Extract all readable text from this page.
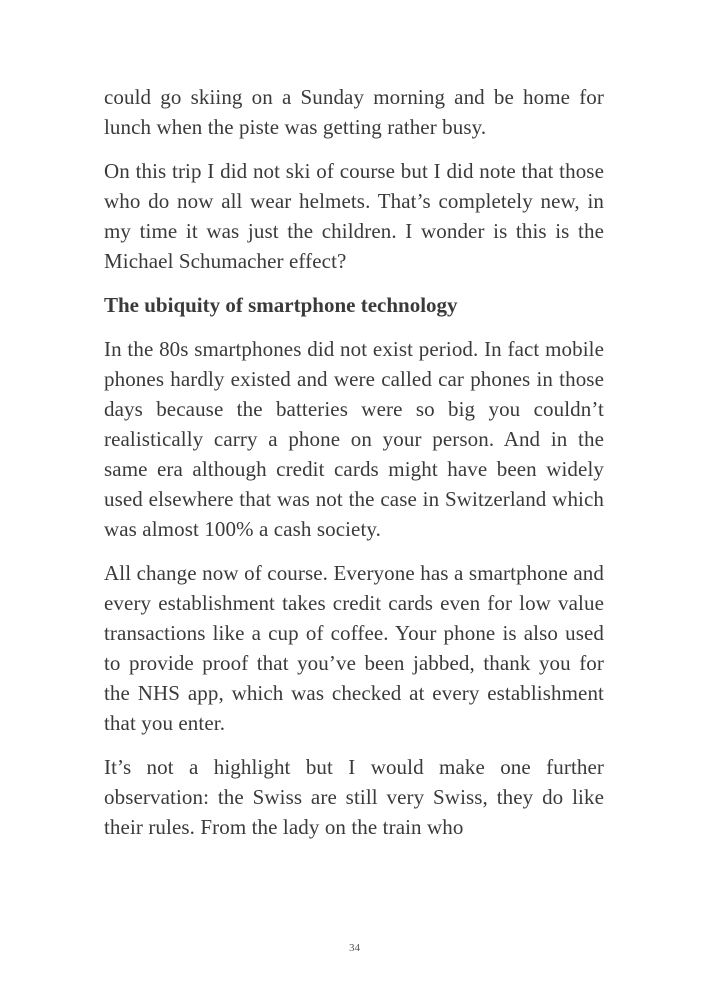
could go skiing on a Sunday morning and be home for lunch when the piste was getting rather busy.

On this trip I did not ski of course but I did note that those who do now all wear helmets. That’s completely new, in my time it was just the children. I wonder is this is the Michael Schumacher effect?

The ubiquity of smartphone technology

In the 80s smartphones did not exist period. In fact mobile phones hardly existed and were called car phones in those days because the batteries were so big you couldn’t realistically carry a phone on your person. And in the same era although credit cards might have been widely used elsewhere that was not the case in Switzerland which was almost 100% a cash society.

All change now of course. Everyone has a smartphone and every establishment takes credit cards even for low value transactions like a cup of coffee. Your phone is also used to provide proof that you’ve been jabbed, thank you for the NHS app, which was checked at every establishment that you enter.

It’s not a highlight but I would make one further observation: the Swiss are still very Swiss, they do like their rules. From the lady on the train who

34
